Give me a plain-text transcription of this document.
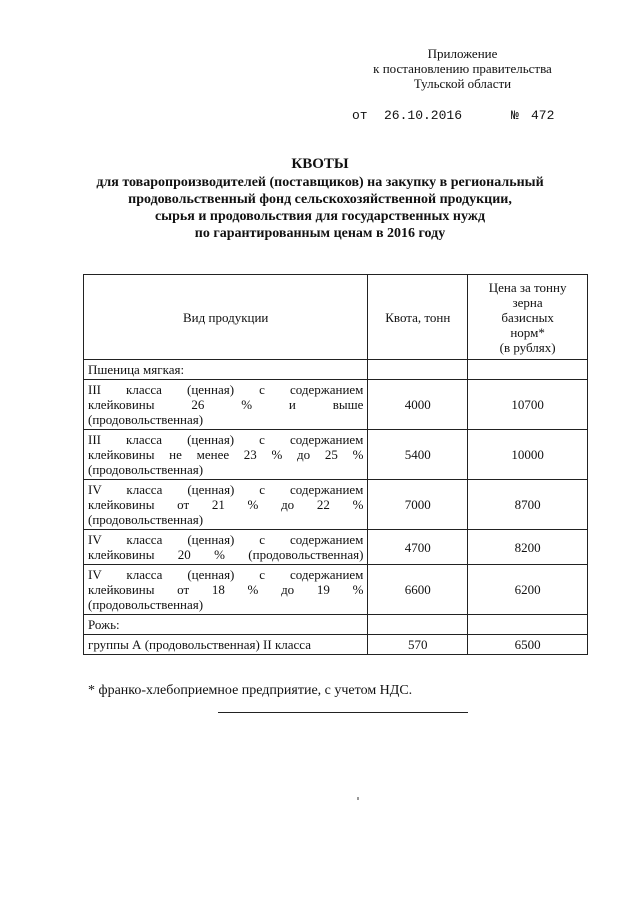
Приложение
к постановлению правительства
Тульской области
от 26.10.2016	№ 472
КВОТЫ
для товаропроизводителей (поставщиков) на закупку в региональный
продовольственный фонд сельскохозяйственной продукции,
сырья и продовольствия для государственных нужд
по гарантированным ценам в 2016 году
Вид продукции	Квота, тонн	Цена за тонну
зерна
базисных
норм*
(в рублях)

Пшеница мягкая:		

III классa (ценная) с содержанием
клейковины 26 % и выше
(продовольственная)	4000	10700

III класса (ценная) с содержанием
клейковины не менее 23 % до 25 %
(продовольственная)	5400	10000

IV класса (ценная) с содержанием
клейковины от 21 % до 22 %
(продовольственная)	7000	8700

IV класса (ценная) с содержанием
клейковины 20 % (продовольственная)	4700	8200

IV класса (ценная) с содержанием
клейковины от 18 % до 19 %
(продовольственная)	6600	6200
Рожь:		

группы А (продовольственная) II класса	570	6500
* франко-хлебоприемное предприятие, с учетом НДС.
